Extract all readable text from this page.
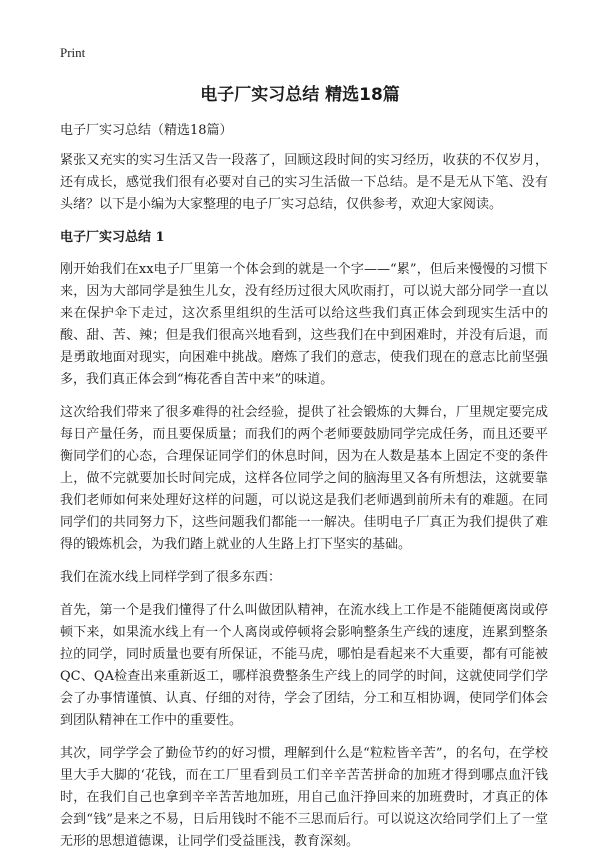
Print
电子厂实习总结 精选18篇

电子厂实习总结（精选18篇）

紧张又充实的实习生活又告一段落了，回顾这段时间的实习经历，收获的不仅岁月，还有成长，感觉我们很有必要对自己的实习生活做一下总结。是不是无从下笔、没有头绪？以下是小编为大家整理的电子厂实习总结，仅供参考，欢迎大家阅读。

电子厂实习总结 1

刚开始我们在xx电子厂里第一个体会到的就是一个字——“累”，但后来慢慢的习惯下来，因为大部同学是独生儿女，没有经历过很大风吹雨打，可以说大部分同学一直以来在保护伞下走过，这次系里组织的生活可以给这些我们真正体会到现实生活中的酸、甜、苦、辣；但是我们很高兴地看到，这些我们在中到困难时，并没有后退，而是勇敢地面对现实，向困难中挑战。磨炼了我们的意志，使我们现在的意志比前坚强多，我们真正体会到“梅花香自苦中来”的味道。

这次给我们带来了很多难得的社会经验，提供了社会锻炼的大舞台，厂里规定要完成每日产量任务，而且要保质量；而我们的两个老师要鼓励同学完成任务，而且还要平衡同学们的心态，合理保证同学们的休息时间，因为在人数是基本上固定不变的条件上，做不完就要加长时间完成，这样各位同学之间的脑海里又各有所想法，这就要靠我们老师如何来处理好这样的问题，可以说这是我们老师遇到前所未有的难题。在同同学们的共同努力下，这些问题我们都能一一解决。佳明电子厂真正为我们提供了难得的锻炼机会，为我们踏上就业的人生路上打下坚实的基础。

我们在流水线上同样学到了很多东西：

首先，第一个是我们懂得了什么叫做团队精神，在流水线上工作是不能随便离岗或停顿下来，如果流水线上有一个人离岗或停顿将会影响整条生产线的速度，连累到整条拉的同学，同时质量也要有所保证，不能马虎，哪怕是看起来不大重要，都有可能被QC、QA检查出来重新返工，哪样浪费整条生产线上的同学的时间，这就使同学们学会了办事情谨慎、认真、仔细的对待，学会了团结，分工和互相协调，使同学们体会到团队精神在工作中的重要性。

其次，同学学会了勤俭节约的好习惯，理解到什么是“粒粒皆辛苦”，的名句，在学校里大手大脚的‘花钱，而在工厂里看到员工们辛辛苦苦拼命的加班才得到哪点血汗钱时，在我们自己也拿到辛辛苦苦地加班，用自己血汗挣回来的加班费时，才真正的体会到“钱”是来之不易，日后用钱时不能不三思而后行。可以说这次给同学们上了一堂无形的思想道德课，让同学们受益匪浅，教育深刻。
